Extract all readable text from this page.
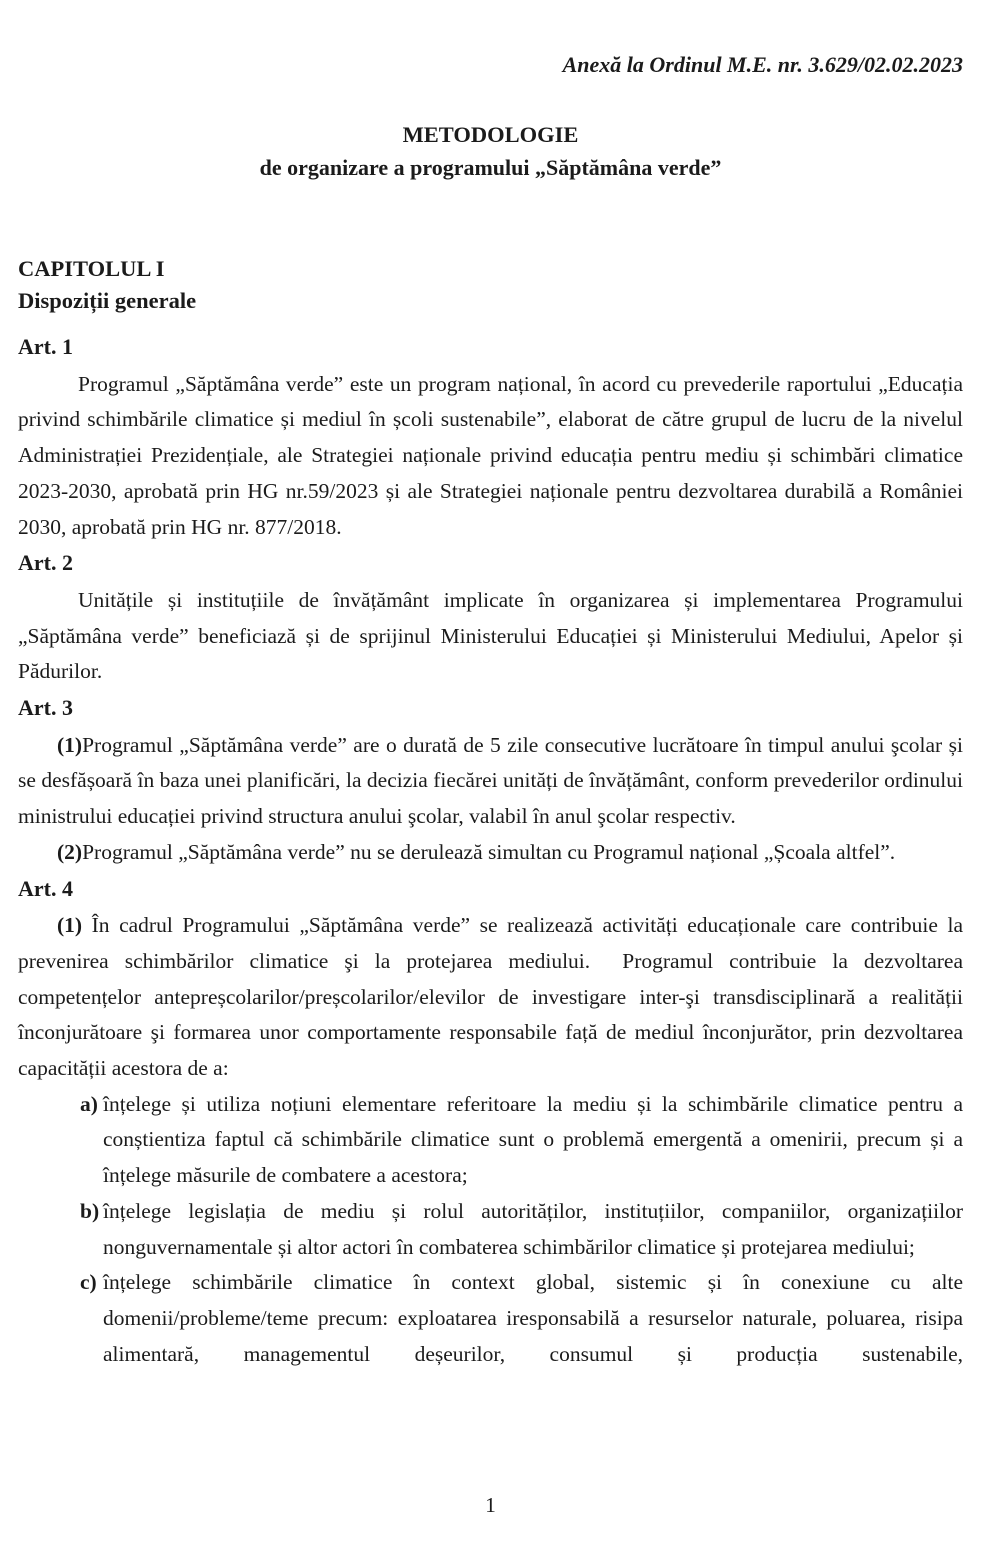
Anexă la Ordinul M.E. nr. 3.629/02.02.2023
METODOLOGIE
de organizare a programului „Săptămâna verde”
CAPITOLUL I
Dispoziții generale
Art. 1

Programul „Săptămâna verde” este un program național, în acord cu prevederile raportului „Educația privind schimbările climatice și mediul în școli sustenabile”, elaborat de către grupul de lucru de la nivelul Administrației Prezidențiale, ale Strategiei naționale privind educația pentru mediu și schimbări climatice 2023-2030, aprobată prin HG nr.59/2023 și ale Strategiei naționale pentru dezvoltarea durabilă a României 2030, aprobată prin HG nr. 877/2018.

Art. 2

Unitățile și instituțiile de învățământ implicate în organizarea și implementarea Programului „Săptămâna verde” beneficiază și de sprijinul Ministerului Educației și Ministerului Mediului, Apelor și Pădurilor.

Art. 3

(1)Programul „Săptămâna verde” are o durată de 5 zile consecutive lucrătoare în timpul anului şcolar și se desfășoară în baza unei planificări, la decizia fiecărei unități de învățământ, conform prevederilor ordinului ministrului educației privind structura anului şcolar, valabil în anul şcolar respectiv.

(2)Programul „Săptămâna verde” nu se derulează simultan cu Programul național „Școala altfel”.

Art. 4

(1) În cadrul Programului „Săptămâna verde” se realizează activități educaționale care contribuie la prevenirea schimbărilor climatice şi la protejarea mediului.  Programul contribuie la dezvoltarea competențelor antepreșcolarilor/preșcolarilor/elevilor de investigare inter-şi transdisciplinară a realității înconjurătoare şi formarea unor comportamente responsabile față de mediul înconjurător, prin dezvoltarea capacității acestora de a:

a) înțelege și utiliza noțiuni elementare referitoare la mediu și la schimbările climatice pentru a conștientiza faptul că schimbările climatice sunt o problemă emergentă a omenirii, precum și a înțelege măsurile de combatere a acestora;
b) înțelege legislația de mediu și rolul autorităților, instituțiilor, companiilor, organizațiilor nonguvernamentale și altor actori în combaterea schimbărilor climatice și protejarea mediului;
c) înțelege schimbările climatice în context global, sistemic și în conexiune cu alte domenii/probleme/teme precum: exploatarea iresponsabilă a resurselor naturale, poluarea, risipa alimentară, managementul deșeurilor, consumul și producția sustenabile,
1
